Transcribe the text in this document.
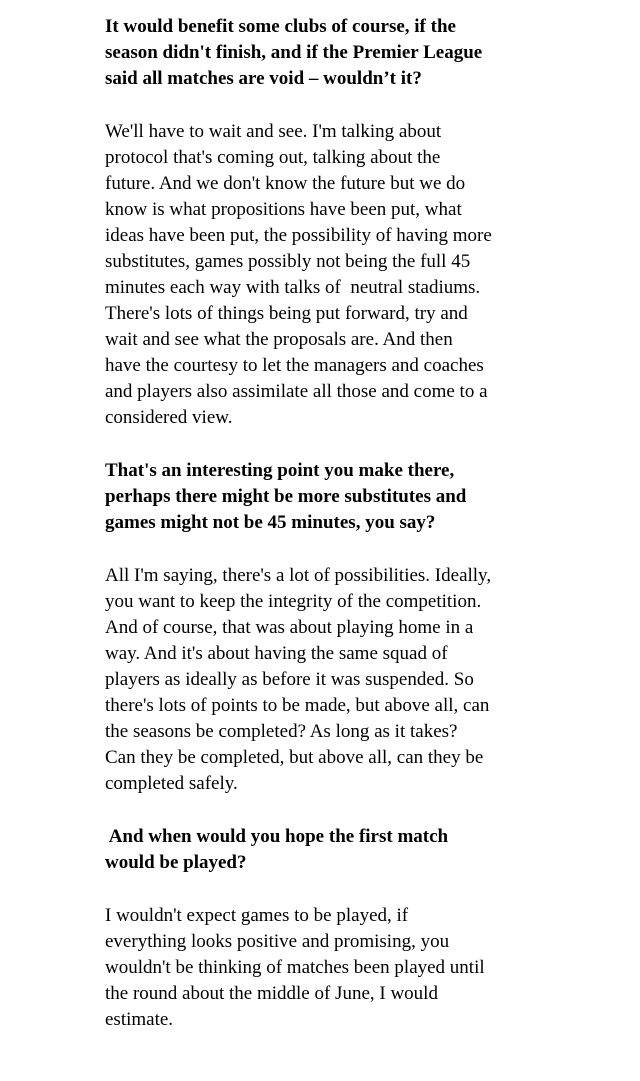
It would benefit some clubs of course, if the
season didn't finish, and if the Premier League
said all matches are void – wouldn’t it?
We'll have to wait and see. I'm talking about
protocol that's coming out, talking about the
future. And we don't know the future but we do
know is what propositions have been put, what
ideas have been put, the possibility of having more
substitutes, games possibly not being the full 45
minutes each way with talks of  neutral stadiums.
There's lots of things being put forward, try and
wait and see what the proposals are. And then
have the courtesy to let the managers and coaches
and players also assimilate all those and come to a
considered view.
That's an interesting point you make there,
perhaps there might be more substitutes and
games might not be 45 minutes, you say?
All I'm saying, there's a lot of possibilities. Ideally,
you want to keep the integrity of the competition.
And of course, that was about playing home in a
way. And it's about having the same squad of
players as ideally as before it was suspended. So
there's lots of points to be made, but above all, can
the seasons be completed? As long as it takes?
Can they be completed, but above all, can they be
completed safely.
And when would you hope the first match
would be played?
I wouldn't expect games to be played, if
everything looks positive and promising, you
wouldn't be thinking of matches been played until
the round about the middle of June, I would
estimate.
